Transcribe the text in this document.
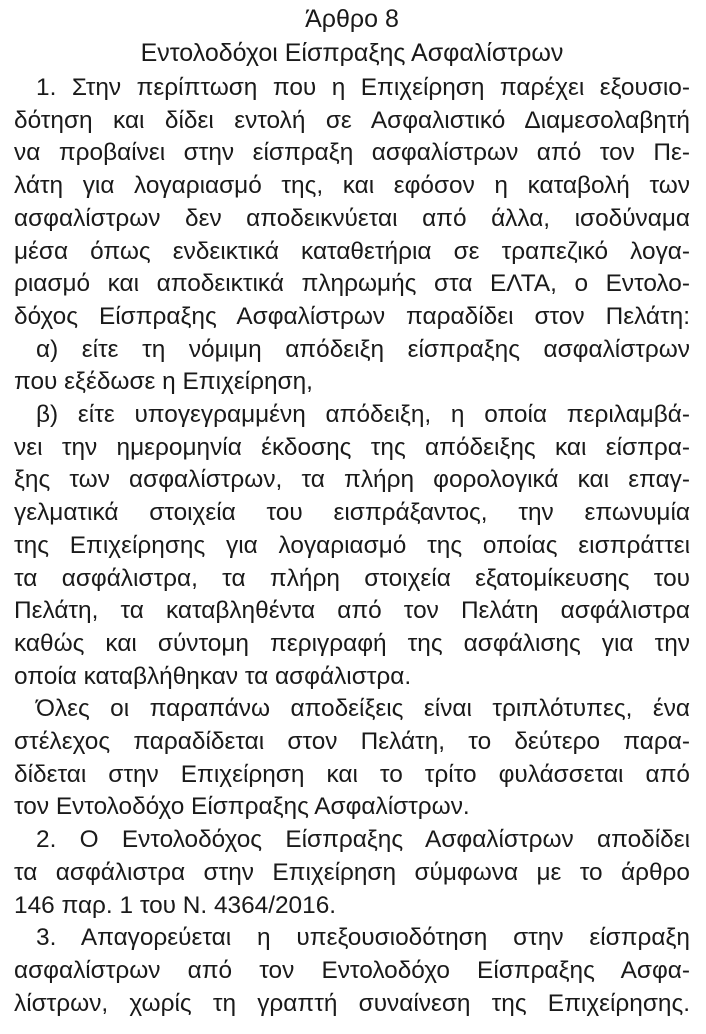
Άρθρο 8
Εντολοδόχοι Είσπραξης Ασφαλίστρων

1. Στην περίπτωση που η Επιχείρηση παρέχει εξουσιο-
δότηση και δίδει εντολή σε Ασφαλιστικό Διαμεσολαβητή
να προβαίνει στην είσπραξη ασφαλίστρων από τον Πε-
λάτη για λογαριασμό της, και εφόσον η καταβολή των
ασφαλίστρων δεν αποδεικνύεται από άλλα, ισοδύναμα
μέσα όπως ενδεικτικά καταθετήρια σε τραπεζικό λογα-
ριασμό και αποδεικτικά πληρωμής στα ΕΛΤΑ, ο Εντολο-
δόχος Είσπραξης Ασφαλίστρων παραδίδει στον Πελάτη:

α) είτε τη νόμιμη απόδειξη είσπραξης ασφαλίστρων
που εξέδωσε η Επιχείρηση,

β) είτε υπογεγραμμένη απόδειξη, η οποία περιλαμβά-
νει την ημερομηνία έκδοσης της απόδειξης και είσπρα-
ξης των ασφαλίστρων, τα πλήρη φορολογικά και επαγ-
γελματικά στοιχεία του εισπράξαντος, την επωνυμία
της Επιχείρησης για λογαριασμό της οποίας εισπράττει
τα ασφάλιστρα, τα πλήρη στοιχεία εξατομίκευσης του
Πελάτη, τα καταβληθέντα από τον Πελάτη ασφάλιστρα
καθώς και σύντομη περιγραφή της ασφάλισης για την
οποία καταβλήθηκαν τα ασφάλιστρα.

Όλες οι παραπάνω αποδείξεις είναι τριπλότυπες, ένα
στέλεχος παραδίδεται στον Πελάτη, το δεύτερο παρα-
δίδεται στην Επιχείρηση και το τρίτο φυλάσσεται από
τον Εντολοδόχο Είσπραξης Ασφαλίστρων.

2. Ο Εντολοδόχος Είσπραξης Ασφαλίστρων αποδίδει
τα ασφάλιστρα στην Επιχείρηση σύμφωνα με το άρθρο
146 παρ. 1 του Ν. 4364/2016.

3. Απαγορεύεται η υπεξουσιοδότηση στην είσπραξη
ασφαλίστρων από τον Εντολοδόχο Είσπραξης Ασφα-
λίστρων, χωρίς τη γραπτή συναίνεση της Επιχείρησης.
